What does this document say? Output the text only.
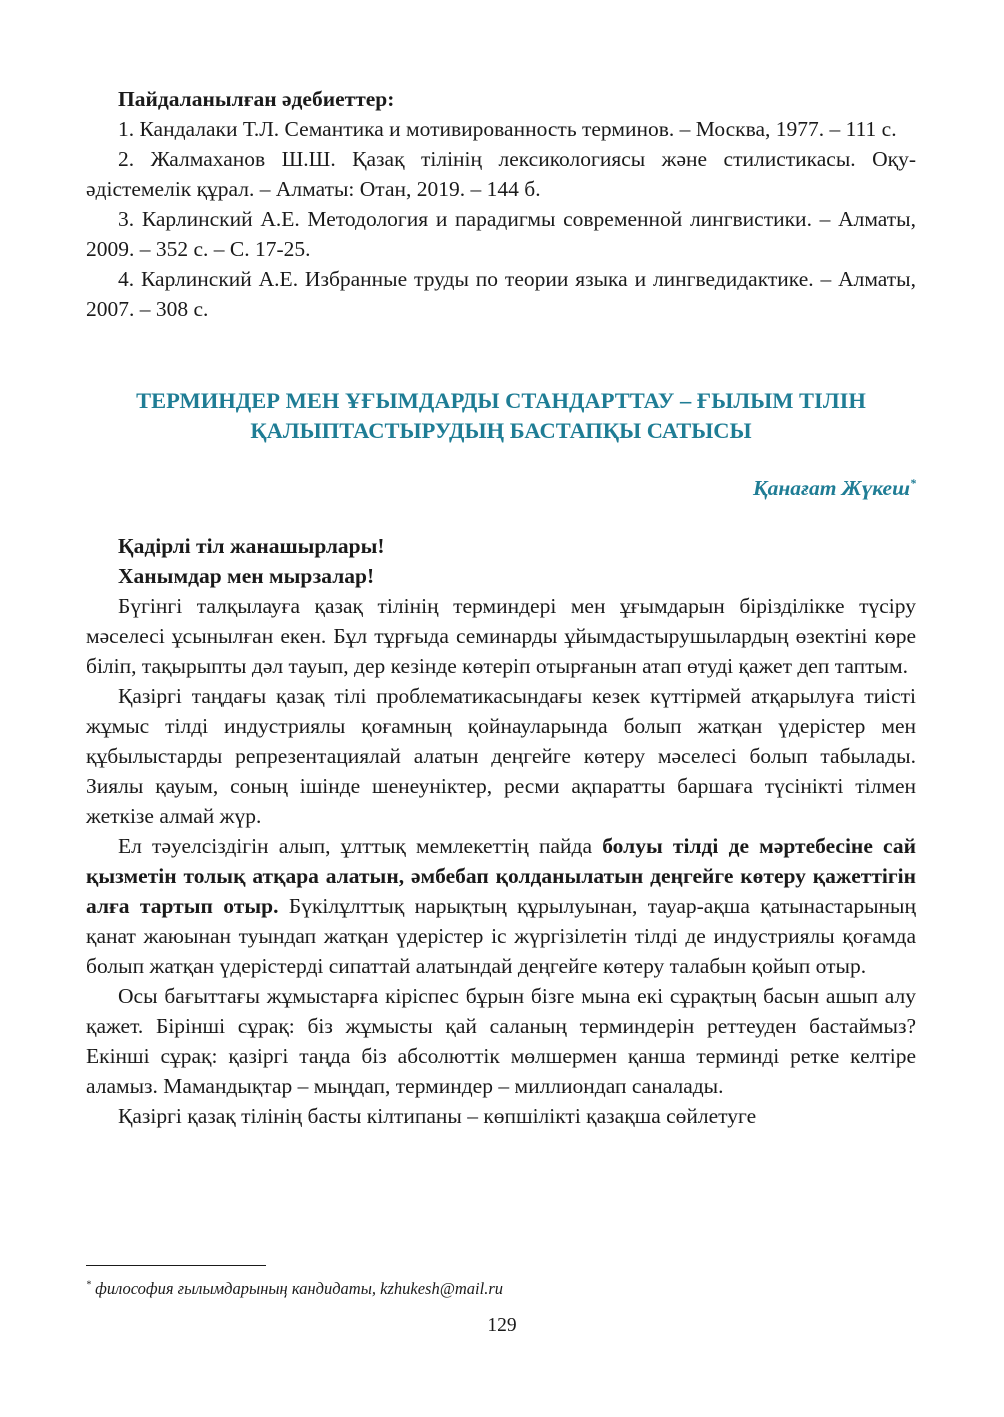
Пайдаланылған әдебиеттер:

1. Кандалаки Т.Л. Семантика и мотивированность терминов. – Москва, 1977. – 111 с.

2. Жалмаханов Ш.Ш. Қазақ тілінің лексикологиясы және стилистикасы. Оқу-әдістемелік құрал. – Алматы: Отан, 2019. – 144 б.

3. Карлинский А.Е. Методология и парадигмы современной лингвистики. – Алматы, 2009. – 352 с. – С. 17-25.

4. Карлинский А.Е. Избранные труды по теории языка и лингведидактике. – Алматы, 2007. – 308 с.

ТЕРМИНДЕР МЕН ҰҒЫМДАРДЫ СТАНДАРТТАУ – ҒЫЛЫМ ТІЛІН
ҚАЛЫПТАСТЫРУДЫҢ БАСТАПҚЫ САТЫСЫ
Қанағат Жүкеш*
Қадірлі тіл жанашырлары!
Ханымдар мен мырзалар!

Бүгінгі талқылауға қазақ тілінің терминдері мен ұғымдарын бірізділікке түсіру мәселесі ұсынылған екен. Бұл тұрғыда семинарды ұйымдастырушылардың өзектіні көре біліп, тақырыпты дәл тауып, дер кезінде көтеріп отырғанын атап өтуді қажет деп таптым.

Қазіргі таңдағы қазақ тілі проблематикасындағы кезек күттірмей атқарылуға тиісті жұмыс тілді индустриялы қоғамның қойнауларында болып жатқан үдерістер мен құбылыстарды репрезентациялай алатын деңгейге көтеру мәселесі болып табылады. Зиялы қауым, соның ішінде шенеуніктер, ресми ақпаратты баршаға түсінікті тілмен жеткізе алмай жүр.

Ел тәуелсіздігін алып, ұлттық мемлекеттің пайда болуы тілді де мәртебесіне сай қызметін толық атқара алатын, әмбебап қолданылатын деңгейге көтеру қажеттігін алға тартып отыр. Бүкілұлттық нарықтың құрылуынан, тауар-ақша қатынастарының қанат жаюынан туындап жатқан үдерістер іс жүргізілетін тілді де индустриялы қоғамда болып жатқан үдерістерді сипаттай алатындай деңгейге көтеру талабын қойып отыр.

Осы бағыттағы жұмыстарға кіріспес бұрын бізге мына екі сұрақтың басын ашып алу қажет. Бірінші сұрақ: біз жұмысты қай саланың терминдерін реттеуден бастаймыз? Екінші сұрақ: қазіргі таңда біз абсолюттік мөлшермен қанша терминді ретке келтіре аламыз. Мамандықтар – мыңдап, терминдер – миллиондап саналады.

Қазіргі қазақ тілінің басты кілтипаны – көпшілікті қазақша сөйлетуге

* философия ғылымдарының кандидаты, kzhukesh@mail.ru
129
